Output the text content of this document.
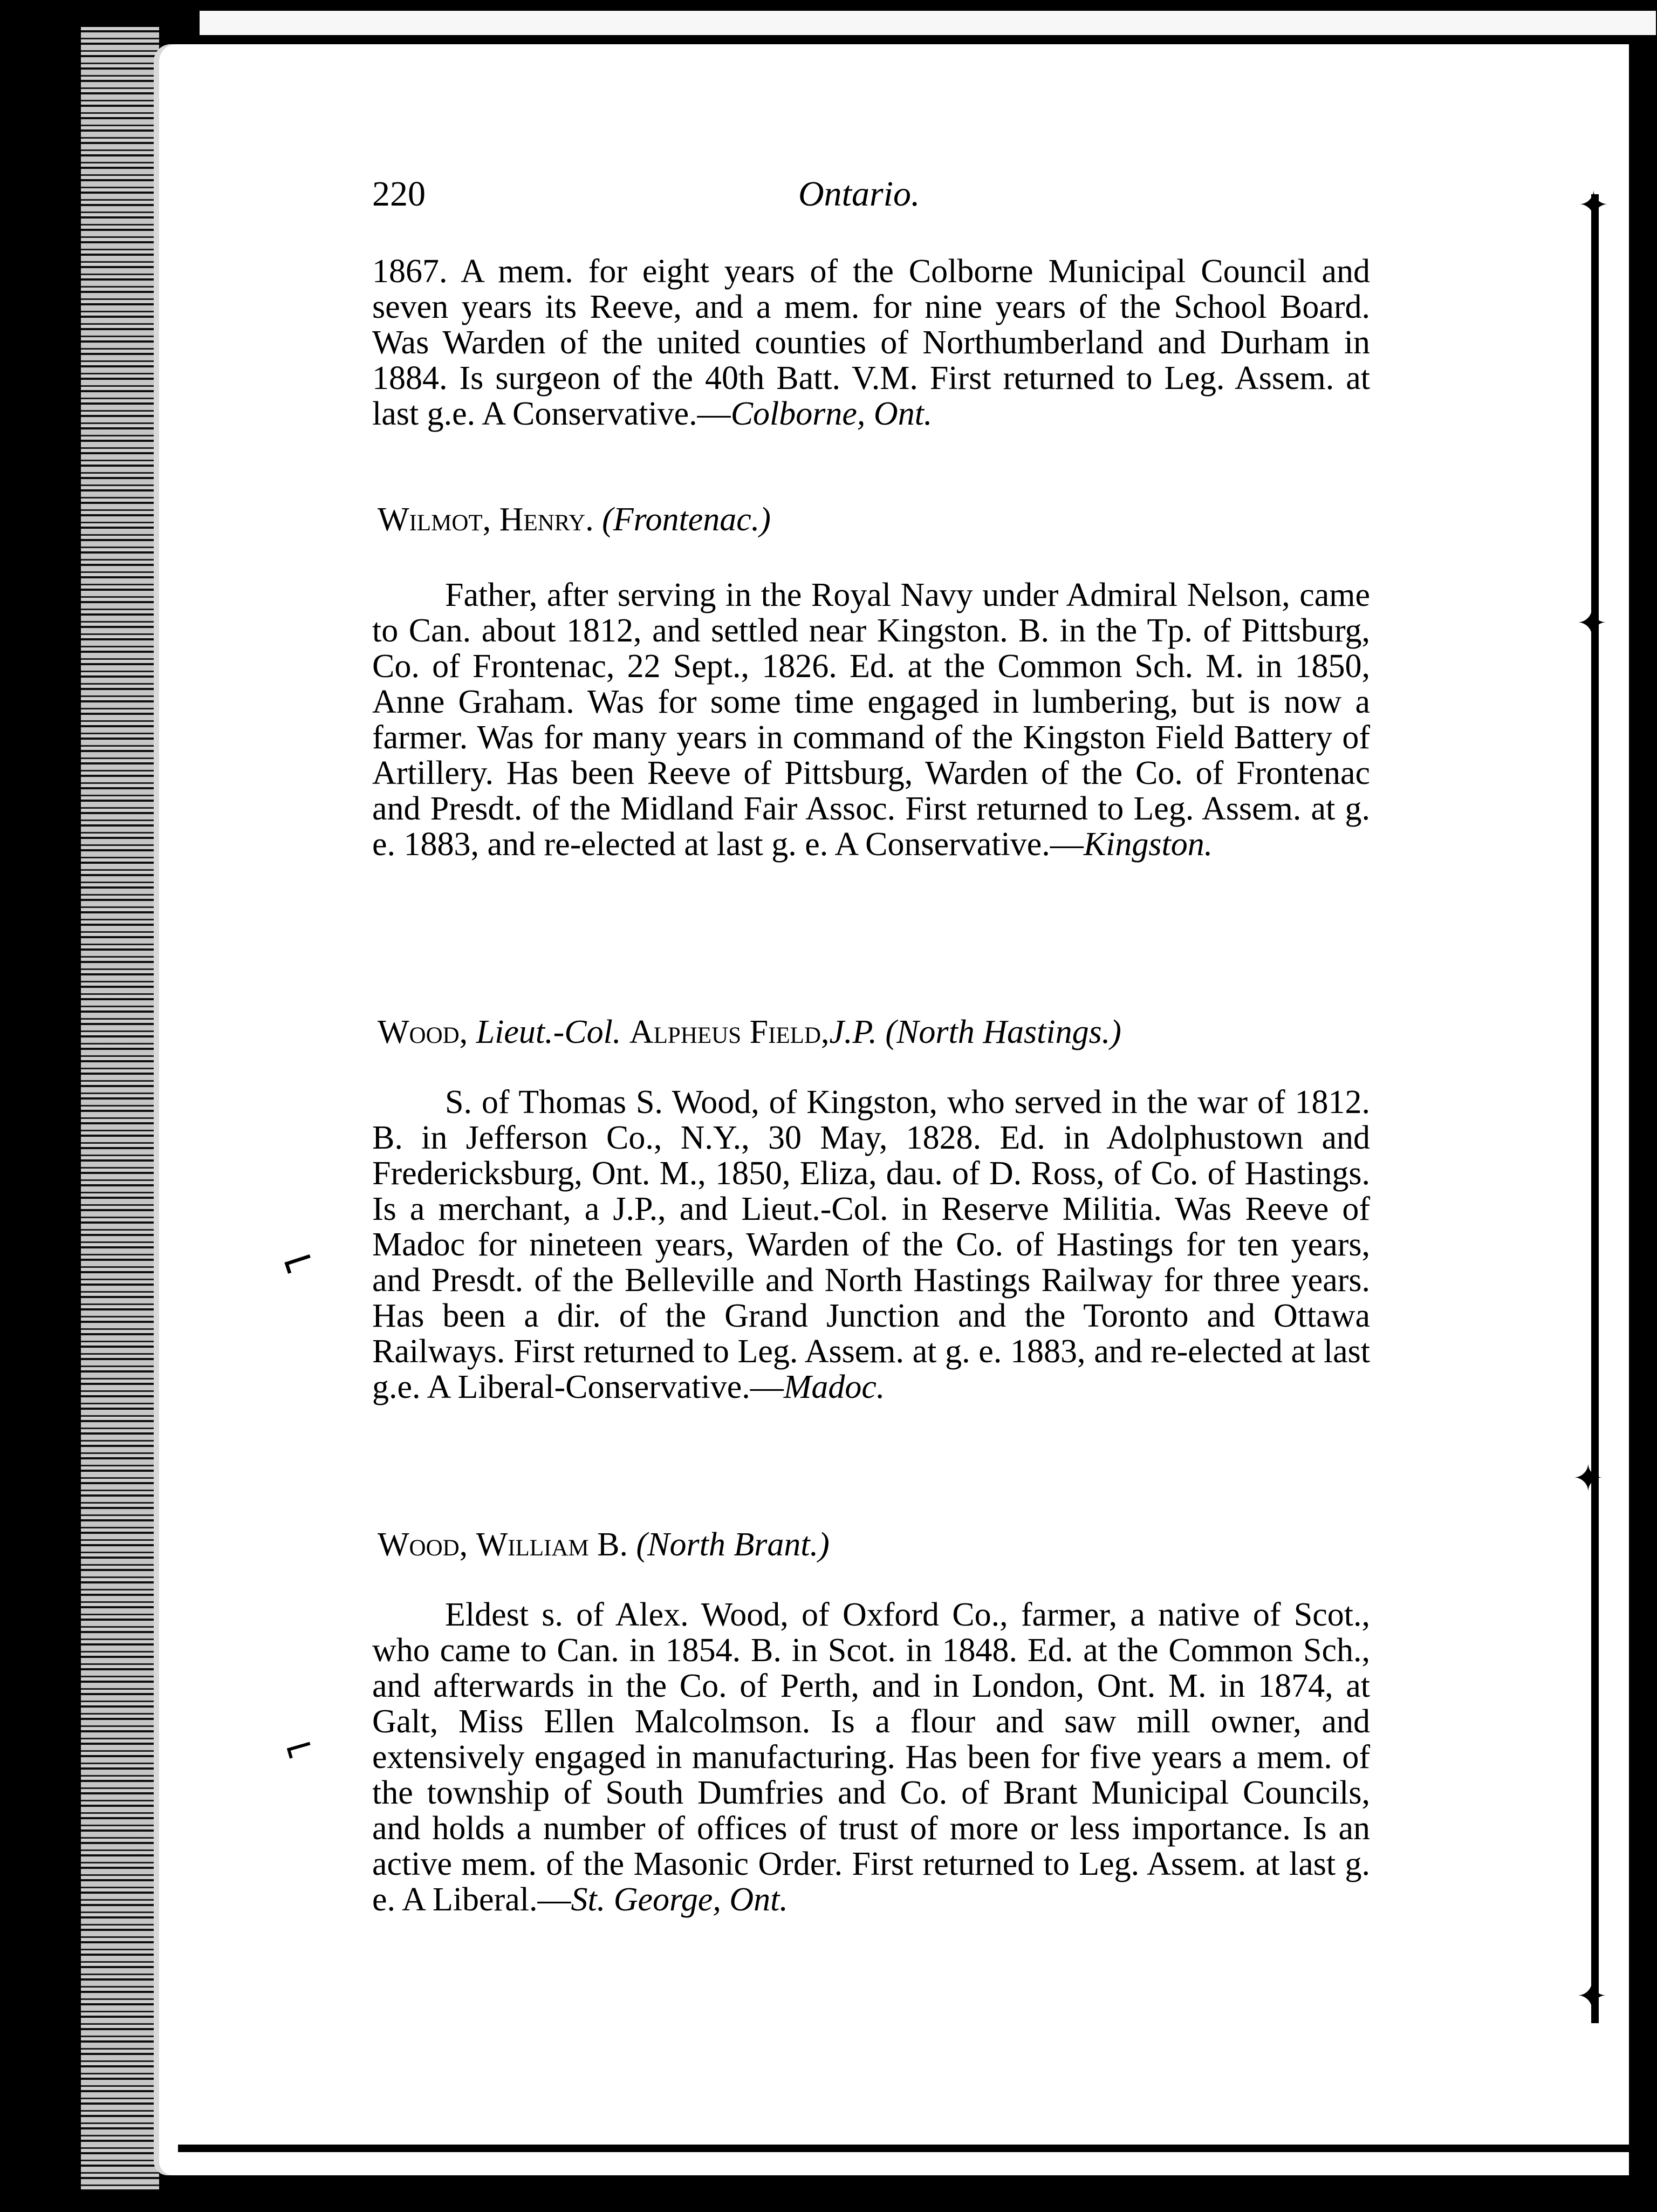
✦
✦
✦
✦
⌐
⌐
220	Ontario.
1867. A mem. for eight years of the Colborne Municipal Council and seven years its Reeve, and a mem. for nine years of the School Board. Was Warden of the united counties of Northumberland and Durham in 1884. Is surgeon of the 40th Batt. V.M. First returned to Leg. Assem. at last g.e. A Conservative.—Colborne, Ont.
Wilmot, Henry. (Frontenac.)
Father, after serving in the Royal Navy under Admiral Nelson, came to Can. about 1812, and settled near Kingston. B. in the Tp. of Pittsburg, Co. of Frontenac, 22 Sept., 1826. Ed. at the Common Sch. M. in 1850, Anne Graham. Was for some time engaged in lumbering, but is now a farmer. Was for many years in command of the Kingston Field Battery of Artillery. Has been Reeve of Pittsburg, Warden of the Co. of Frontenac and Presdt. of the Midland Fair Assoc. First returned to Leg. Assem. at g. e. 1883, and re-elected at last g. e. A Conservative.—Kingston.
Wood, Lieut.-Col. Alpheus Field,J.P. (North Hastings.)
S. of Thomas S. Wood, of Kingston, who served in the war of 1812. B. in Jefferson Co., N.Y., 30 May, 1828. Ed. in Adolphustown and Fredericksburg, Ont. M., 1850, Eliza, dau. of D. Ross, of Co. of Hastings. Is a merchant, a J.P., and Lieut.-Col. in Reserve Militia. Was Reeve of Madoc for nineteen years, Warden of the Co. of Hastings for ten years, and Presdt. of the Belleville and North Hastings Railway for three years. Has been a dir. of the Grand Junction and the Toronto and Ottawa Railways. First returned to Leg. Assem. at g. e. 1883, and re-elected at last g.e. A Liberal-Conservative.—Madoc.
Wood, William B. (North Brant.)
Eldest s. of Alex. Wood, of Oxford Co., farmer, a native of Scot., who came to Can. in 1854. B. in Scot. in 1848. Ed. at the Common Sch., and afterwards in the Co. of Perth, and in London, Ont. M. in 1874, at Galt, Miss Ellen Malcolmson. Is a flour and saw mill owner, and extensively engaged in manufacturing. Has been for five years a mem. of the township of South Dumfries and Co. of Brant Municipal Councils, and holds a number of offices of trust of more or less importance. Is an active mem. of the Masonic Order. First returned to Leg. Assem. at last g. e. A Liberal.—St. George, Ont.
